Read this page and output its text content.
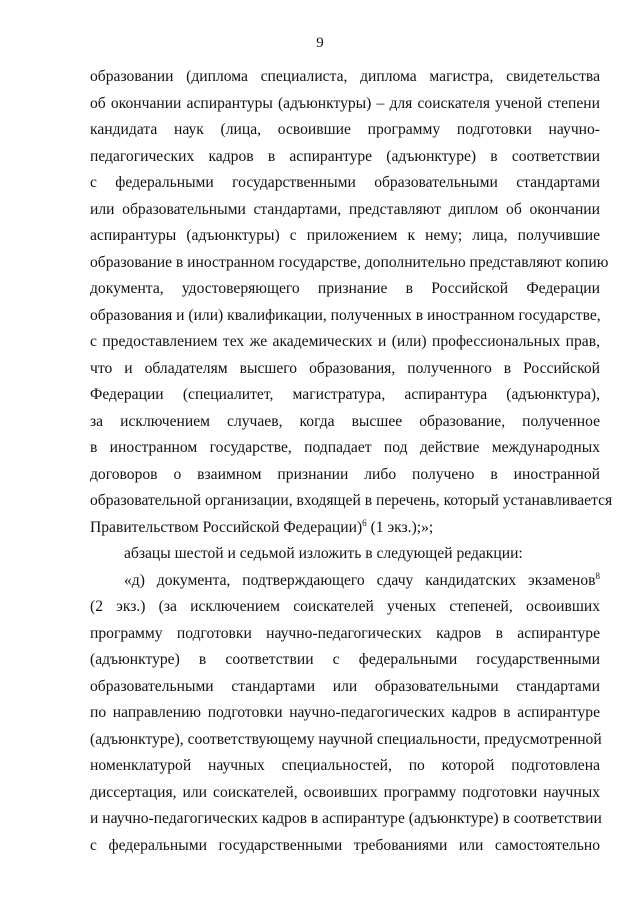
9
образовании (диплома специалиста, диплома магистра, свидетельства
об окончании аспирантуры (адъюнктуры) – для соискателя ученой степени
кандидата наук (лица, освоившие программу подготовки научно-
педагогических кадров в аспирантуре (адъюнктуре) в соответствии
с федеральными государственными образовательными стандартами
или образовательными стандартами, представляют диплом об окончании
аспирантуры (адъюнктуры) с приложением к нему; лица, получившие
образование в иностранном государстве, дополнительно представляют копию
документа, удостоверяющего признание в Российской Федерации
образования и (или) квалификации, полученных в иностранном государстве,
с предоставлением тех же академических и (или) профессиональных прав,
что и обладателям высшего образования, полученного в Российской
Федерации (специалитет, магистратура, аспирантура (адъюнктура),
за исключением случаев, когда высшее образование, полученное
в иностранном государстве, подпадает под действие международных
договоров о взаимном признании либо получено в иностранной
образовательной организации, входящей в перечень, который устанавливается
Правительством Российской Федерации)$^6$ (1 экз.);»;
абзацы шестой и седьмой изложить в следующей редакции:
«д) документа, подтверждающего сдачу кандидатских экзаменов$^8$
(2 экз.) (за исключением соискателей ученых степеней, освоивших
программу подготовки научно-педагогических кадров в аспирантуре
(адъюнктуре) в соответствии с федеральными государственными
образовательными стандартами или образовательными стандартами
по направлению подготовки научно-педагогических кадров в аспирантуре
(адъюнктуре), соответствующему научной специальности, предусмотренной
номенклатурой научных специальностей, по которой подготовлена
диссертация, или соискателей, освоивших программу подготовки научных
и научно-педагогических кадров в аспирантуре (адъюнктуре) в соответствии
с федеральными государственными требованиями или самостоятельно
